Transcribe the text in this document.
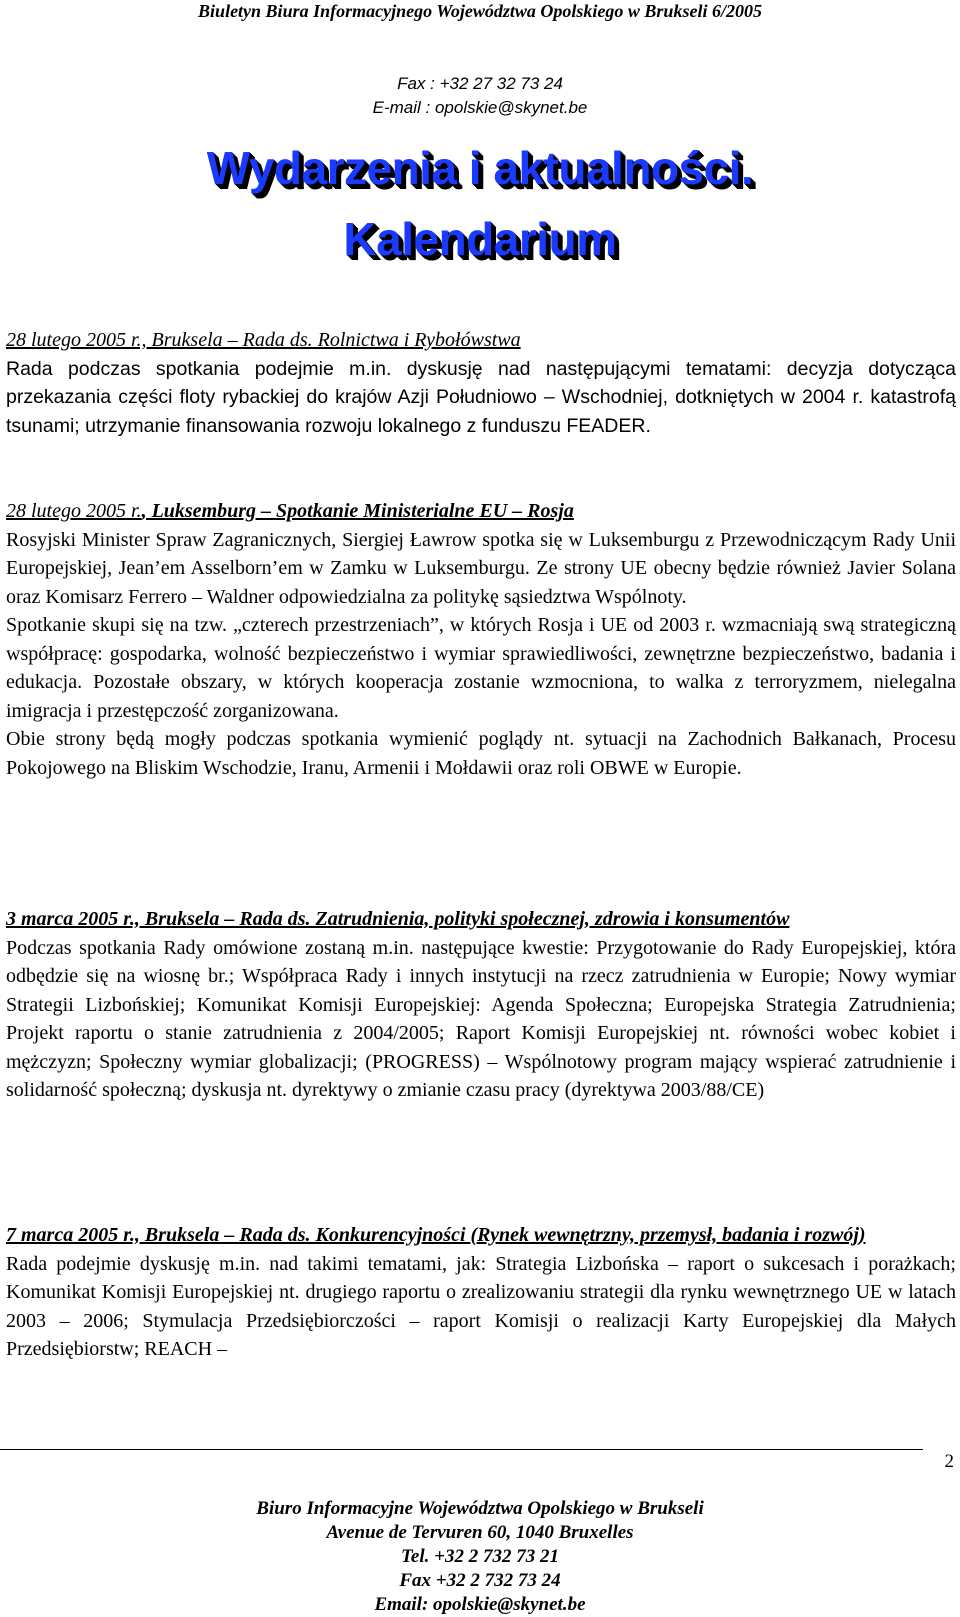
Biuletyn Biura Informacyjnego Województwa Opolskiego w Brukseli 6/2005
Fax : +32 27 32 73 24
E-mail : opolskie@skynet.be
Wydarzenia i aktualności.
Kalendarium
28 lutego 2005 r., Bruksela – Rada ds. Rolnictwa i Rybołówstwa

Rada podczas spotkania podejmie m.in. dyskusję nad następującymi tematami: decyzja dotycząca przekazania części floty rybackiej do krajów Azji Południowo – Wschodniej, dotkniętych w 2004 r. katastrofą tsunami; utrzymanie finansowania rozwoju lokalnego z funduszu FEADER.

28 lutego 2005 r., Luksemburg – Spotkanie Ministerialne EU – Rosja

Rosyjski Minister Spraw Zagranicznych, Siergiej Ławrow spotka się w Luksemburgu z Przewodniczącym Rady Unii Europejskiej, Jean’em Asselborn’em w Zamku w Luksemburgu. Ze strony UE obecny będzie również Javier Solana oraz Komisarz Ferrero – Waldner odpowiedzialna za politykę sąsiedztwa Wspólnoty.

Spotkanie skupi się na tzw. „czterech przestrzeniach”, w których Rosja i UE od 2003 r. wzmacniają swą strategiczną współpracę: gospodarka, wolność bezpieczeństwo i wymiar sprawiedliwości, zewnętrzne bezpieczeństwo, badania i edukacja. Pozostałe obszary, w których kooperacja zostanie wzmocniona, to walka z terroryzmem, nielegalna imigracja i przestępczość zorganizowana.

Obie strony będą mogły podczas spotkania wymienić poglądy nt. sytuacji na Zachodnich Bałkanach, Procesu Pokojowego na Bliskim Wschodzie, Iranu, Armenii i Mołdawii oraz roli OBWE w Europie.

3 marca 2005 r., Bruksela – Rada ds. Zatrudnienia, polityki społecznej, zdrowia i konsumentów

Podczas spotkania Rady omówione zostaną m.in. następujące kwestie: Przygotowanie do Rady Europejskiej, która odbędzie się na wiosnę br.; Współpraca Rady i innych instytucji na rzecz zatrudnienia w Europie; Nowy wymiar Strategii Lizbońskiej; Komunikat Komisji Europejskiej: Agenda Społeczna; Europejska Strategia Zatrudnienia; Projekt raportu o stanie zatrudnienia z 2004/2005; Raport Komisji Europejskiej nt. równości wobec kobiet i mężczyzn; Społeczny wymiar globalizacji; (PROGRESS) – Wspólnotowy program mający wspierać zatrudnienie i solidarność społeczną; dyskusja nt. dyrektywy o zmianie czasu pracy (dyrektywa 2003/88/CE)

7 marca 2005 r., Bruksela – Rada ds. Konkurencyjności (Rynek wewnętrzny, przemysł, badania i rozwój)

Rada podejmie dyskusję m.in. nad takimi tematami, jak: Strategia Lizbońska – raport o sukcesach i porażkach; Komunikat Komisji Europejskiej nt. drugiego raportu o zrealizowaniu strategii dla rynku wewnętrznego UE w latach 2003 – 2006; Stymulacja Przedsiębiorczości – raport Komisji o realizacji Karty Europejskiej dla Małych Przedsiębiorstw; REACH –

2
Biuro Informacyjne Województwa Opolskiego w Brukseli
Avenue de Tervuren 60, 1040 Bruxelles
Tel. +32 2 732 73 21
Fax +32 2 732 73 24
Email: opolskie@skynet.be
